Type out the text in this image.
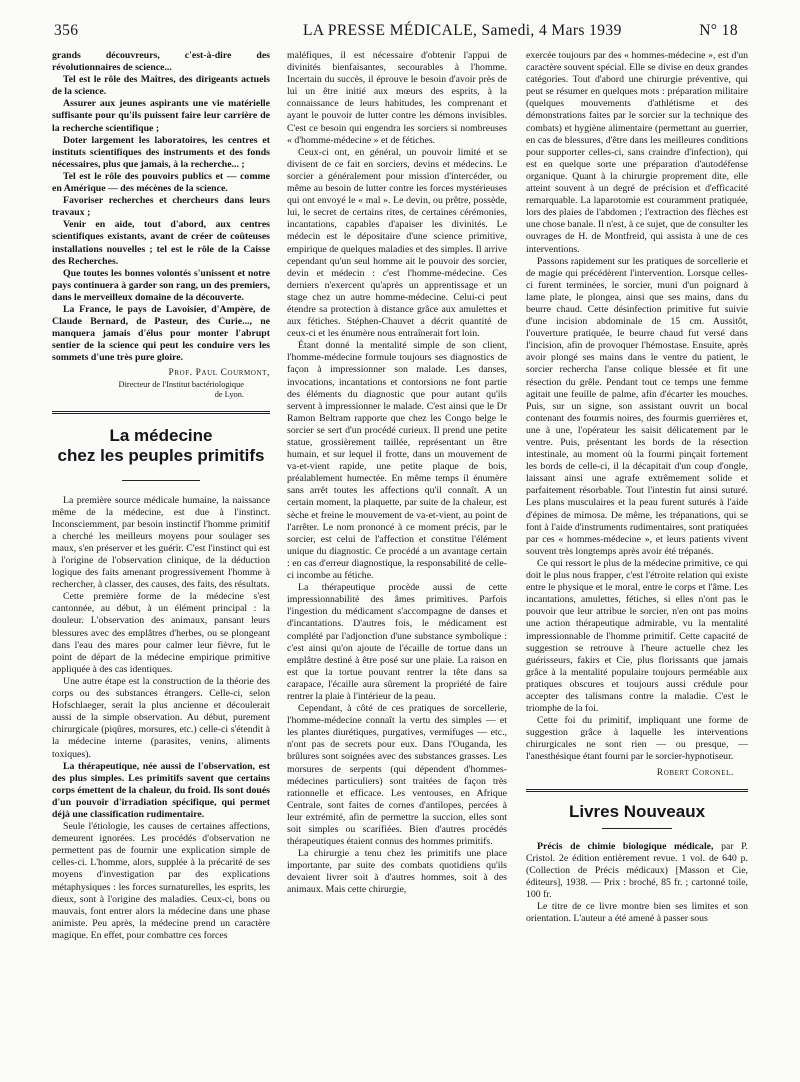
356	LA PRESSE MÉDICALE, Samedi, 4 Mars 1939	N° 18

grands découvreurs, c'est-à-dire des révolutionnaires de science...

Tel est le rôle des Maîtres, des dirigeants actuels de la science.

Assurer aux jeunes aspirants une vie matérielle suffisante pour qu'ils puissent faire leur carrière de la recherche scientifique ;

Doter largement les laboratoires, les centres et instituts scientifiques des instruments et des fonds nécessaires, plus que jamais, à la recherche... ;

Tel est le rôle des pouvoirs publics et — comme en Amérique — des mécènes de la science.

Favoriser recherches et chercheurs dans leurs travaux ;

Venir en aide, tout d'abord, aux centres scientifiques existants, avant de créer de coûteuses installations nouvelles ; tel est le rôle de la Caisse des Recherches.

Que toutes les bonnes volontés s'unissent et notre pays continuera à garder son rang, un des premiers, dans le merveilleux domaine de la découverte.

La France, le pays de Lavoisier, d'Ampère, de Claude Bernard, de Pasteur, des Curie..., ne manquera jamais d'élus pour monter l'abrupt sentier de la science qui peut les conduire vers les sommets d'une très pure gloire.

Prof. Paul Courmont,
Directeur de l'Institut bactériologique
de Lyon.
La médecine
chez les peuples primitifs

La première source médicale humaine, la naissance même de la médecine, est due à l'instinct. Inconsciemment, par besoin instinctif l'homme primitif a cherché les meilleurs moyens pour soulager ses maux, s'en préserver et les guérir. C'est l'instinct qui est à l'origine de l'observation clinique, de la déduction logique des faits amenant progressivement l'homme à rechercher, à classer, des causes, des faits, des résultats.

Cette première forme de la médecine s'est cantonnée, au début, à un élément principal : la douleur. L'observation des animaux, pansant leurs blessures avec des emplâtres d'herbes, ou se plongeant dans l'eau des mares pour calmer leur fièvre, fut le point de départ de la médecine empirique primitive appliquée à des cas identiques.

Une autre étape est la construction de la théorie des corps ou des substances étrangers. Celle-ci, selon Hofschlaeger, serait la plus ancienne et découlerait aussi de la simple observation. Au début, purement chirurgicale (piqûres, morsures, etc.) celle-ci s'étendit à la médecine interne (parasites, venins, aliments toxiques).

La thérapeutique, née aussi de l'observation, est des plus simples. Les primitifs savent que certains corps émettent de la chaleur, du froid. Ils sont doués d'un pouvoir d'irradiation spécifique, qui permet déjà une classification rudimentaire.

Seule l'étiologie, les causes de certaines affections, demeurent ignorées. Les procédés d'observation ne permettent pas de fournir une explication simple de celles-ci. L'homme, alors, supplée à la précarité de ses moyens d'investigation par des explications métaphysiques : les forces surnaturelles, les esprits, les dieux, sont à l'origine des maladies. Ceux-ci, bons ou mauvais, font entrer alors la médecine dans une phase animiste. Peu après, la médecine prend un caractère magique. En effet, pour combattre ces forces

maléfiques, il est nécessaire d'obtenir l'appui de divinités bienfaisantes, secourables à l'homme. Incertain du succès, il éprouve le besoin d'avoir près de lui un être initié aux mœurs des esprits, à la connaissance de leurs habitudes, les comprenant et ayant le pouvoir de lutter contre les démons invisibles. C'est ce besoin qui engendra les sorciers si nombreuses « d'homme-médecine » et de fétiches.

Ceux-ci ont, en général, un pouvoir limité et se divisent de ce fait en sorciers, devins et médecins. Le sorcier a généralement pour mission d'intercéder, ou même au besoin de lutter contre les forces mystérieuses qui ont envoyé le « mal ». Le devin, ou prêtre, possède, lui, le secret de certains rites, de certaines cérémonies, incantations, capables d'apaiser les divinités. Le médecin est le dépositaire d'une science primitive, empirique de quelques maladies et des simples. Il arrive cependant qu'un seul homme ait le pouvoir des sorcier, devin et médecin : c'est l'homme-médecine. Ces derniers n'exercent qu'après un apprentissage et un stage chez un autre homme-médecine. Celui-ci peut étendre sa protection à distance grâce aux amulettes et aux fétiches. Stéphen-Chauvet a décrit quantité de ceux-ci et les énumère nous entraînerait fort loin.

Étant donné la mentalité simple de son client, l'homme-médecine formule toujours ses diagnostics de façon à impressionner son malade. Les danses, invocations, incantations et contorsions ne font partie des éléments du diagnostic que pour autant qu'ils servent à impressionner le malade. C'est ainsi que le Dr Ramon Beltram rapporte que chez les Congo belge le sorcier se sert d'un procédé curieux. Il prend une petite statue, grossièrement taillée, représentant un être humain, et sur lequel il frotte, dans un mouvement de va-et-vient rapide, une petite plaque de bois, préalablement humectée. En même temps il énumère sans arrêt toutes les affections qu'il connaît. A un certain moment, la plaquette, par suite de la chaleur, est sèche et freine le mouvement de va-et-vient, au point de l'arrêter. Le nom prononcé à ce moment précis, par le sorcier, est celui de l'affection et constitue l'élément unique du diagnostic. Ce procédé a un avantage certain : en cas d'erreur diagnostique, la responsabilité de celle-ci incombe au fétiche.

La thérapeutique procède aussi de cette impressionnabilité des âmes primitives. Parfois l'ingestion du médicament s'accompagne de danses et d'incantations. D'autres fois, le médicament est complété par l'adjonction d'une substance symbolique : c'est ainsi qu'on ajoute de l'écaille de tortue dans un emplâtre destiné à être posé sur une plaie. La raison en est que la tortue pouvant rentrer la tête dans sa carapace, l'écaille aura sûrement la propriété de faire rentrer la plaie à l'intérieur de la peau.

Cependant, à côté de ces pratiques de sorcellerie, l'homme-médecine connaît la vertu des simples — et les plantes diurétiques, purgatives, vermifuges — etc., n'ont pas de secrets pour eux. Dans l'Ouganda, les brûlures sont soignées avec des substances grasses. Les morsures de serpents (qui dépendent d'hommes-médecines particuliers) sont traitées de façon très rationnelle et efficace. Les ventouses, en Afrique Centrale, sont faites de cornes d'antilopes, percées à leur extrémité, afin de permettre la succion, elles sont soit simples ou scarifiées. Bien d'autres procédés thérapeutiques étaient connus des hommes primitifs.

La chirurgie a tenu chez les primitifs une place importante, par suite des combats quotidiens qu'ils devaient livrer soit à d'autres hommes, soit à des animaux. Mais cette chirurgie,

exercée toujours par des « hommes-médecine », est d'un caractère souvent spécial. Elle se divise en deux grandes catégories. Tout d'abord une chirurgie préventive, qui peut se résumer en quelques mots : préparation militaire (quelques mouvements d'athlétisme et des démonstrations faites par le sorcier sur la technique des combats) et hygiène alimentaire (permettant au guerrier, en cas de blessures, d'être dans les meilleures conditions pour supporter celles-ci, sans craindre d'infection), qui est en quelque sorte une préparation d'autodéfense organique. Quant à la chirurgie proprement dite, elle atteint souvent à un degré de précision et d'efficacité remarquable. La laparotomie est couramment pratiquée, lors des plaies de l'abdomen ; l'extraction des flèches est une chose banale. Il n'est, à ce sujet, que de consulter les ouvrages de H. de Montfreid, qui assista à une de ces interventions.

Passons rapidement sur les pratiques de sorcellerie et de magie qui précédèrent l'intervention. Lorsque celles-ci furent terminées, le sorcier, muni d'un poignard à lame plate, le plongea, ainsi que ses mains, dans du beurre chaud. Cette désinfection primitive fut suivie d'une incision abdominale de 15 cm. Aussitôt, l'ouverture pratiquée, le beurre chaud fut versé dans l'incision, afin de provoquer l'hémostase. Ensuite, après avoir plongé ses mains dans le ventre du patient, le sorcier rechercha l'anse colique blessée et fit une résection du grêle. Pendant tout ce temps une femme agitait une feuille de palme, afin d'écarter les mouches. Puis, sur un signe, son assistant ouvrit un bocal contenant des fourmis noires, des fourmis guerrières et, une à une, l'opérateur les saisit délicatement par le ventre. Puis, présentant les bords de la résection intestinale, au moment où la fourmi pinçait fortement les bords de celle-ci, il la décapitait d'un coup d'ongle, laissant ainsi une agrafe extrêmement solide et parfaitement résorbable. Tout l'intestin fut ainsi suturé. Les plans musculaires et la peau furent suturés à l'aide d'épines de mimosa. De même, les trépanations, qui se font à l'aide d'instruments rudimentaires, sont pratiquées par ces « hommes-médecine », et leurs patients vivent souvent très longtemps après avoir été trépanés.

Ce qui ressort le plus de la médecine primitive, ce qui doit le plus nous frapper, c'est l'étroite relation qui existe entre le physique et le moral, entre le corps et l'âme. Les incantations, amulettes, fétiches, si elles n'ont pas le pouvoir que leur attribue le sorcier, n'en ont pas moins une action thérapeutique admirable, vu la mentalité impressionnable de l'homme primitif. Cette capacité de suggestion se retrouve à l'heure actuelle chez les guérisseurs, fakirs et Cie, plus florissants que jamais grâce à la mentalité populaire toujours perméable aux pratiques obscures et toujours aussi crédule pour accepter des talismans contre la maladie. C'est le triomphe de la foi.

Cette foi du primitif, impliquant une forme de suggestion grâce à laquelle les interventions chirurgicales ne sont rien — ou presque, — l'anesthésique étant fourni par le sorcier-hypnotiseur.

Robert Coronel.
Livres Nouveaux

Précis de chimie biologique médicale, par P. Cristol. 2e édition entièrement revue. 1 vol. de 640 p. (Collection de Précis médicaux) [Masson et Cie, éditeurs], 1938. — Prix : broché, 85 fr. ; cartonné toile, 100 fr.

Le titre de ce livre montre bien ses limites et son orientation. L'auteur a été amené à passer sous
